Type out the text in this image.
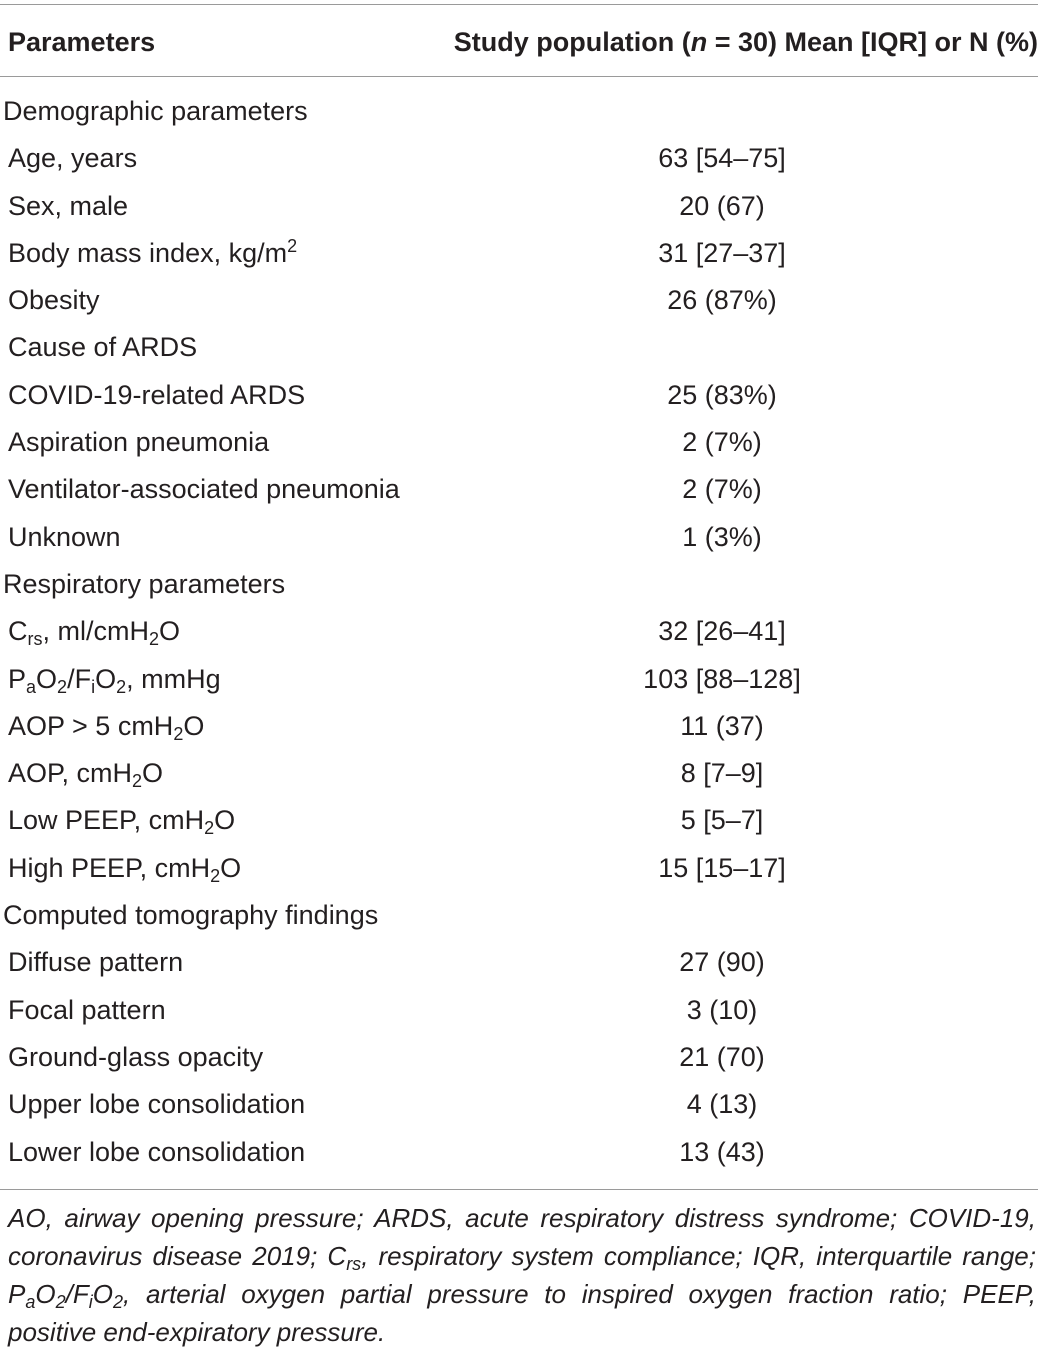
Parameters	Study population (n = 30) Mean [IQR] or N (%)
Demographic parameters
Age, years	63 [54–75]
Sex, male	20 (67)
Body mass index, $kg/m^2$	31 [27–37]
Obesity	26 (87%)
Cause of ARDS
COVID-19-related ARDS	25 (83%)
Aspiration pneumonia	2 (7%)
Ventilator-associated pneumonia	2 (7%)
Unknown	1 (3%)
Respiratory parameters
$C_{rs}$, ml/cmH$_2$O	32 [26–41]
$P_aO_2/F_iO_2$, mmHg	103 [88–128]
AOP > 5 cmH$_2$O	11 (37)
AOP, cmH$_2$O	8 [7–9]
Low PEEP, cmH$_2$O	5 [5–7]
High PEEP, cmH$_2$O	15 [15–17]
Computed tomography findings
Diffuse pattern	27 (90)
Focal pattern	3 (10)
Ground-glass opacity	21 (70)
Upper lobe consolidation	4 (13)
Lower lobe consolidation	13 (43)
AO, airway opening pressure; ARDS, acute respiratory distress syndrome; COVID-19, coronavirus disease 2019; $C_{rs}$, respiratory system compliance; IQR, interquartile range; $P_aO_2/F_iO_2$, arterial oxygen partial pressure to inspired oxygen fraction ratio; PEEP, positive end-expiratory pressure.
